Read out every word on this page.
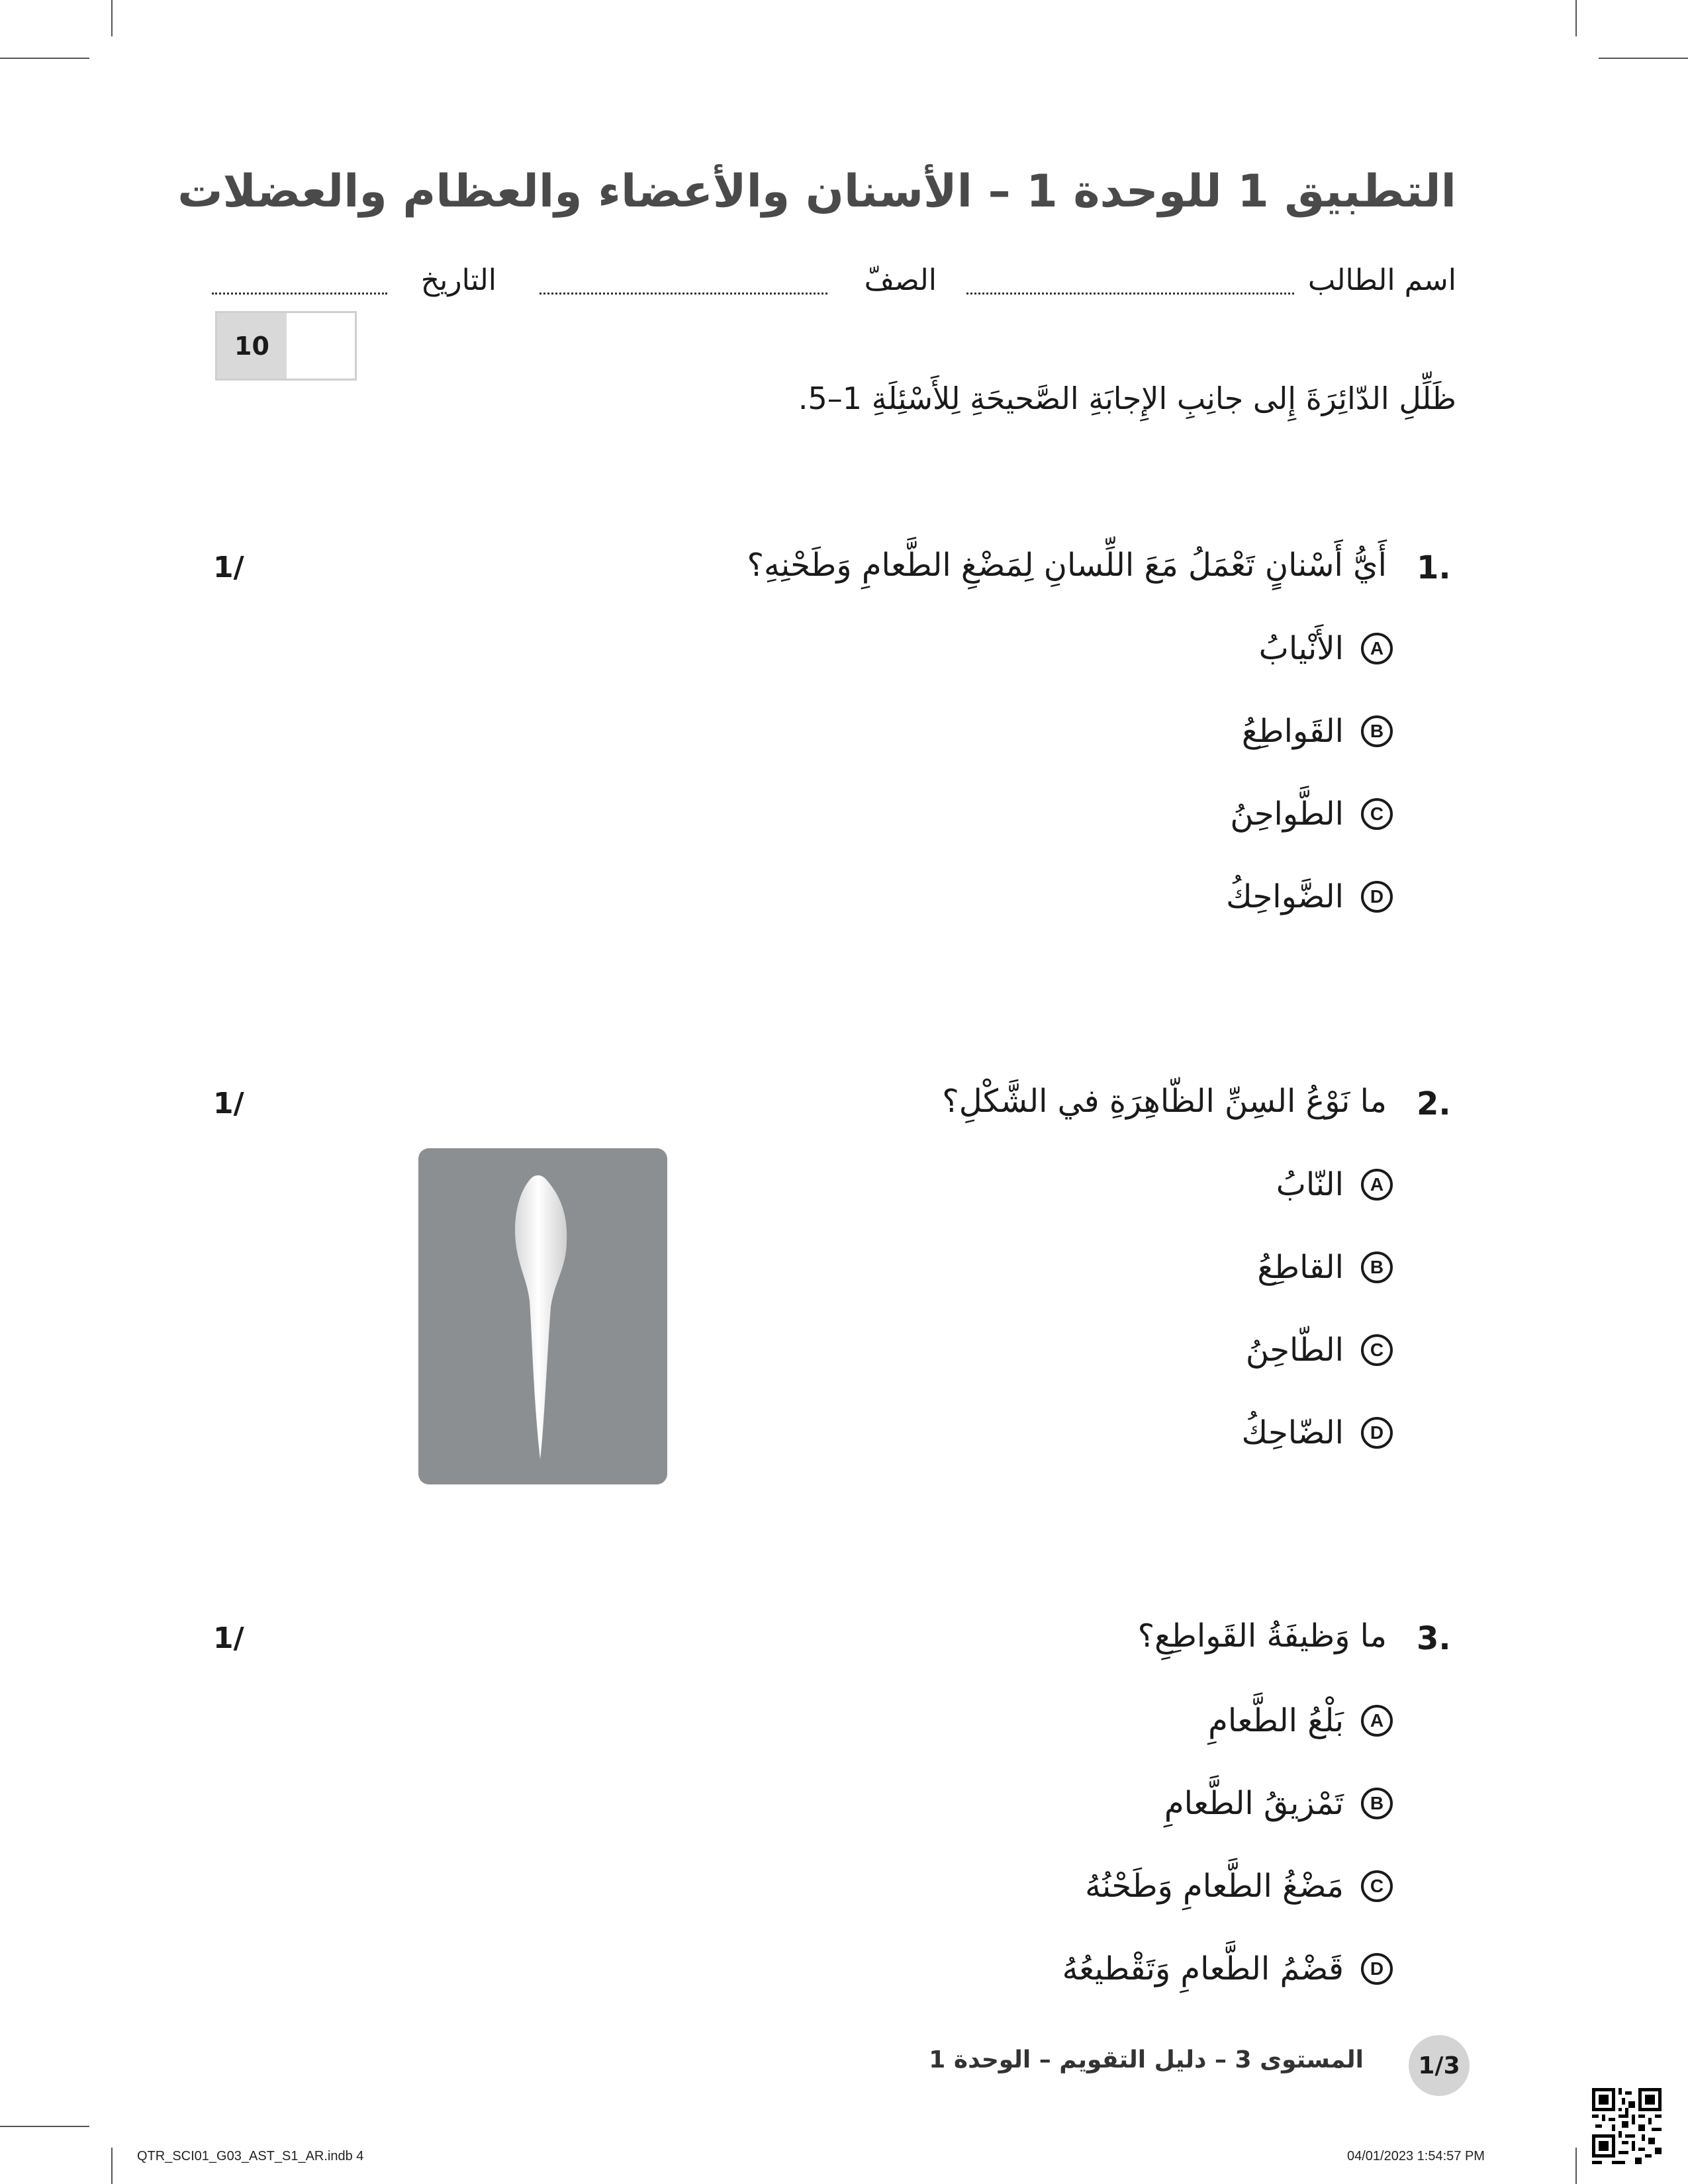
التطبيق 1 للوحدة 1 – الأسنان والأعضاء والعظام والعضلات
اسم الطالب
الصفّ
التاريخ
10
ظَلِّلِ الدّائِرَةَ إِلى جانِبِ الإِجابَةِ الصَّحيحَةِ لِلأَسْئِلَةِ 1–5.
1.
أَيُّ أَسْنانٍ تَعْمَلُ مَعَ اللِّسانِ لِمَضْغِ الطَّعامِ وَطَحْنِهِ؟
1/
A
الأَنْيابُ
B
القَواطِعُ
C
الطَّواحِنُ
D
الضَّواحِكُ
2.
ما نَوْعُ السِنِّ الظّاهِرَةِ في الشَّكْلِ؟
1/
A
النّابُ
B
القاطِعُ
C
الطّاحِنُ
D
الضّاحِكُ
3.
ما وَظيفَةُ القَواطِعِ؟
1/
A
بَلْعُ الطَّعامِ
B
تَمْزيقُ الطَّعامِ
C
مَضْغُ الطَّعامِ وَطَحْنُهُ
D
قَضْمُ الطَّعامِ وَتَقْطيعُهُ
1/3
المستوى 3 – دليل التقويم – الوحدة 1
QTR_SCI01_G03_AST_S1_AR.indb 4	04/01/2023 1:54:57 PM
